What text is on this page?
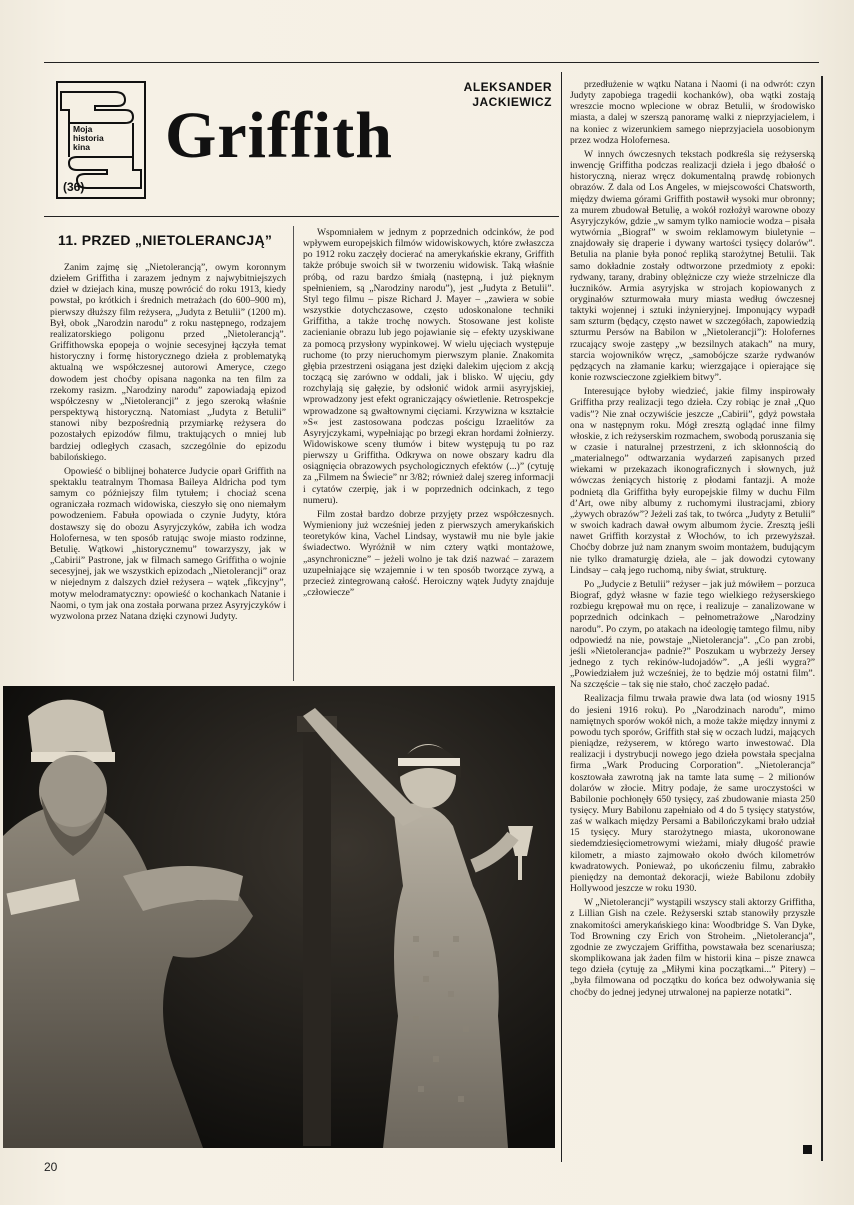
Moja
historia
kina
(36)
Griffith
ALEKSANDER
JACKIEWICZ
11. PRZED „NIETOLERANCJĄ”

Zanim zajmę się „Nietolerancją”, owym koronnym dziełem Griffitha i zarazem jednym z najwybitniejszych dzieł w dziejach kina, muszę powrócić do roku 1913, kiedy powstał, po krótkich i średnich metrażach (do 600–900 m), pierwszy dłuższy film reżysera, „Judyta z Betulii” (1200 m). Był, obok „Narodzin narodu” z roku następnego, rodzajem realizatorskiego poligonu przed „Nietolerancją”. Griffithowska epopeja o wojnie secesyjnej łączyła temat historyczny i formę historycznego dzieła z problematyką aktualną we współczesnej autorowi Ameryce, czego dowodem jest choćby opisana nagonka na ten film za rzekomy rasizm. „Narodziny narodu” zapowiadają epizod współczesny w „Nietolerancji” z jego szeroką właśnie perspektywą historyczną. Natomiast „Judyta z Betulii” stanowi niby bezpośrednią przymiarkę reżysera do pozostałych epizodów filmu, traktujących o mniej lub bardziej odległych czasach, szczególnie do epizodu babilońskiego.

Opowieść o biblijnej bohaterce Judycie oparł Griffith na spektaklu teatralnym Thomasa Baileya Aldricha pod tym samym co późniejszy film tytułem; i chociaż scena ograniczała rozmach widowiska, cieszyło się ono niemałym powodzeniem. Fabuła opowiada o czynie Judyty, która dostawszy się do obozu Asyryjczyków, zabiła ich wodza Holofernesa, w ten sposób ratując swoje miasto rodzinne, Betulię. Wątkowi „historycznemu” towarzyszy, jak w „Cabirii” Pastrone, jak w filmach samego Griffitha o wojnie secesyjnej, jak we wszystkich epizodach „Nietolerancji” oraz w niejednym z dalszych dzieł reżysera – wątek „fikcyjny”, motyw melodramatyczny: opowieść o kochankach Natanie i Naomi, o tym jak ona została porwana przez Asyryjczyków i wyzwolona przez Natana dzięki czynowi Judyty.

Wspomniałem w jednym z poprzednich odcinków, że pod wpływem europejskich filmów widowiskowych, które zwłaszcza po 1912 roku zaczęły docierać na amerykańskie ekrany, Griffith także próbuje swoich sił w tworzeniu widowisk. Taką właśnie próbą, od razu bardzo śmiałą (następną, i już pięknym spełnieniem, są „Narodziny narodu”), jest „Judyta z Betulii”. Styl tego filmu – pisze Richard J. Mayer – „zawiera w sobie wszystkie dotychczasowe, często udoskonalone techniki Griffitha, a także trochę nowych. Stosowane jest koliste zacienianie obrazu lub jego pojawianie się – efekty uzyskiwane za pomocą przysłony wypinkowej. W wielu ujęciach występuje ruchome (to przy nieruchomym pierwszym planie. Znakomita głębia przestrzeni osiągana jest dzięki dalekim ujęciom z akcją toczącą się zarówno w oddali, jak i blisko. W ujęciu, gdy rozchylają się gałęzie, by odsłonić widok armii asyryjskiej, wprowadzony jest efekt ograniczający oświetlenie. Retrospekcje wprowadzone są gwałtownymi cięciami. Krzywizna w kształcie »S« jest zastosowana podczas pościgu Izraelitów za Asyryjczykami, wypełniając po brzegi ekran hordami żołnierzy. Widowiskowe sceny tłumów i bitew występują tu po raz pierwszy u Griffitha. Odkrywa on nowe obszary kadru dla osiągnięcia obrazowych psychologicznych efektów (...)” (cytuję za „Filmem na Świecie” nr 3/82; również dalej szereg informacji i cytatów czerpię, jak i w poprzednich odcinkach, z tego numeru).

Film został bardzo dobrze przyjęty przez współczesnych. Wymieniony już wcześniej jeden z pierwszych amerykańskich teoretyków kina, Vachel Lindsay, wystawił mu nie byle jakie świadectwo. Wyróżnił w nim cztery wątki montażowe, „asynchroniczne” – jeżeli wolno je tak dziś nazwać – zarazem uzupełniające się wzajemnie i w ten sposób tworzące zywą, a przecież zintegrowaną całość. Heroiczny wątek Judyty znajduje „człowiecze”

przedłużenie w wątku Natana i Naomi (i na odwrót: czyn Judyty zapobiega tragedii kochanków), oba wątki zostają wreszcie mocno wplecione w obraz Betulii, w środowisko miasta, a dalej w szerszą panoramę walki z nieprzyjacielem, i na koniec z wizerunkiem samego nieprzyjaciela uosobionym przez wodza Holofernesa.

W innych ówczesnych tekstach podkreśla się reżyserską inwencję Griffitha podczas realizacji dzieła i jego dbałość o historyczną, nieraz wręcz dokumentalną prawdę robionych obrazów. Z dala od Los Angeles, w miejscowości Chatsworth, między dwiema górami Griffith postawił wysoki mur obronny; za murem zbudował Betulię, a wokół rozłożył warowne obozy Asyryjczyków, gdzie „w samym tylko namiocie wodza – pisała wytwórnia „Biograf” w swoim reklamowym biuletynie – znajdowały się draperie i dywany wartości tysięcy dolarów”. Betulia na planie była ponoć repliką starożytnej Betulii. Tak samo dokładnie zostały odtworzone przedmioty z epoki: rydwany, tarany, drabiny oblężnicze czy wieże strzelnicze dla łuczników. Armia asyryjska w strojach kopiowanych z oryginałów szturmowała mury miasta według ówczesnej taktyki wojennej i sztuki inżynieryjnej. Imponujący wypadł sam szturm (będący, często nawet w szczegółach, zapowiedzią szturmu Persów na Babilon w „Nietolerancji”): Holofernes rzucający swoje zastępy „w bezsilnych atakach” na mury, starcia wojowników wręcz, „samobójcze szarże rydwanów pędzących na złamanie karku; wierzgające i opierające się konie rozwscieczone zgiełkiem bitwy”.

Interesujące byłoby wiedzieć, jakie filmy inspirowały Griffitha przy realizacji tego dzieła. Czy robiąc je znał „Quo vadis”? Nie znał oczywiście jeszcze „Cabirii”, gdyż powstała ona w następnym roku. Mógł zresztą oglądać inne filmy włoskie, z ich reżyserskim rozmachem, swobodą poruszania się w czasie i naturalnej przestrzeni, z ich skłonnością do „materialnego” odtwarzania wydarzeń zapisanych przed wiekami w przekazach ikonograficznych i słownych, już wówczas żeniących historię z płodami fantazji. A może podnietą dla Griffitha były europejskie filmy w duchu Film d’Art, owe niby albumy z ruchomymi ilustracjami, zbiory „żywych obrazów”? Jeżeli zaś tak, to twórca „Judyty z Betulii” w swoich kadrach dawał owym albumom życie. Zresztą jeśli nawet Griffith korzystał z Włochów, to ich przewyższał. Choćby dobrze już nam znanym swoim montażem, budującym nie tylko dramaturgię dzieła, ale – jak dowodzi cytowany Lindsay – całą jego ruchomą, niby świat, strukturę.

Po „Judycie z Betulii” reżyser – jak już mówiłem – porzuca Biograf, gdyż własne w fazie tego wielkiego reżyserskiego rozbiegu krępował mu on ręce, i realizuje – zanalizowane w poprzednich odcinkach – pełnometrażowe „Narodziny narodu”. Po czym, po atakach na ideologię tamtego filmu, niby odpowiedź na nie, powstaje „Nietolerancja”. „Co pan zrobi, jeśli »Nietolerancja« padnie?” Poszukam u wybrzeży Jersey jednego z tych rekinów-ludojadów”. „A jeśli wygra?” „Powiedziałem już wcześniej, że to będzie mój ostatni film”. Na szczęście – tak się nie stało, choć zaczęło padać.

Realizacja filmu trwała prawie dwa lata (od wiosny 1915 do jesieni 1916 roku). Po „Narodzinach narodu”, mimo namiętnych sporów wokół nich, a może także między innymi z powodu tych sporów, Griffith stał się w oczach ludzi, mających pieniądze, reżyserem, w którego warto inwestować. Dla realizacji i dystrybucji nowego jego dzieła powstała specjalna firma „Wark Producing Corporation”. „Nietolerancja” kosztowała zawrotną jak na tamte lata sumę – 2 milionów dolarów w złocie. Mitry podaje, że same uroczystości w Babilonie pochłonęły 650 tysięcy, zaś zbudowanie miasta 250 tysięcy. Mury Babilonu zapełniało od 4 do 5 tysięcy statystów, zaś w walkach między Persami a Babilończykami brało udział 15 tysięcy. Mury starożytnego miasta, ukoronowane siedemdziesięciometrowymi wieżami, miały długość prawie kilometr, a miasto zajmowało około dwóch kilometrów kwadratowych. Ponieważ, po ukończeniu filmu, zabrakło pieniędzy na demontaż dekoracji, wieże Babilonu zdobiły Hollywood jeszcze w roku 1930.

W „Nietolerancji” wystąpili wszyscy stali aktorzy Griffitha, z Lillian Gish na czele. Reżyserski sztab stanowiły przyszłe znakomitości amerykańskiego kina: Woodbridge S. Van Dyke, Tod Browning czy Erich von Stroheim. „Nietolerancja”, zgodnie ze zwyczajem Griffitha, powstawała bez scenariusza; skomplikowana jak żaden film w historii kina – pisze znawca tego dzieła (cytuję za „Miłymi kina początkami...” Pitery) – „była filmowana od początku do końca bez odwoływania się choćby do jednej jedynej utrwalonej na papierze notatki”.

20
